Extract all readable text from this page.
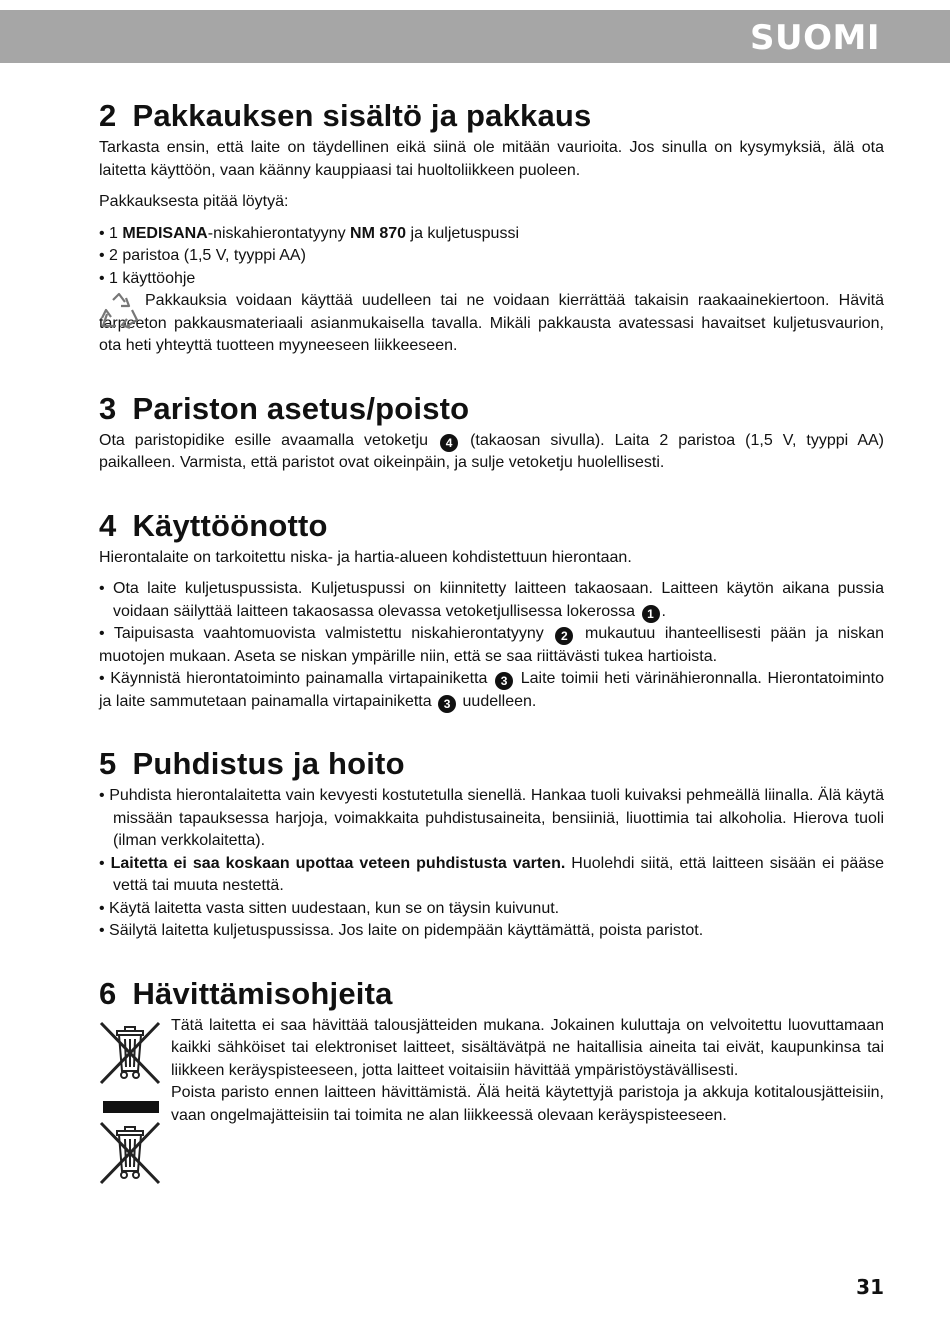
SUOMI
2 Pakkauksen sisältö ja pakkaus

Tarkasta ensin, että laite on täydellinen eikä siinä ole mitään vaurioita. Jos sinulla on kysymyksiä, älä ota laitetta käyttöön, vaan käänny kauppiaasi tai huoltoliikkeen puoleen.

Pakkauksesta pitää löytyä:

• 1 MEDISANA-niskahierontatyyny NM 870 ja kuljetuspussi

• 2 paristoa (1,5 V, tyyppi AA)

• 1 käyttöohje

Pakkauksia voidaan käyttää uudelleen tai ne voidaan kierrättää takaisin raakaainekiertoon. Hävitä tarpeeton pakkausmateriaali asianmukaisella tavalla. Mikäli pakkausta avatessasi havaitset kuljetusvaurion, ota heti yhteyttä tuotteen myyneeseen liikkeeseen.

3 Pariston asetus/poisto

Ota paristopidike esille avaamalla vetoketju 4 (takaosan sivulla). Laita 2 paristoa (1,5 V, tyyppi AA) paikalleen. Varmista, että paristot ovat oikeinpäin, ja sulje vetoketju huolellisesti.

4 Käyttöönotto

Hierontalaite on tarkoitettu niska- ja hartia-alueen kohdistettuun hierontaan.

• Ota laite kuljetuspussista. Kuljetuspussi on kiinnitetty laitteen takaosaan. Laitteen käytön aikana pussia voidaan säilyttää laitteen takaosassa olevassa vetoketjullisessa lokerossa 1 .

• Taipuisasta vaahtomuovista valmistettu niskahierontatyyny 2 mukautuu ihanteellisesti pään ja niskan muotojen mukaan. Aseta se niskan ympärille niin, että se saa riittävästi tukea hartioista.

• Käynnistä hierontatoiminto painamalla virtapainiketta 3 Laite toimii heti värinähieronnalla. Hierontatoiminto ja laite sammutetaan painamalla virtapainiketta 3 uudelleen.

5 Puhdistus ja hoito

• Puhdista hierontalaitetta vain kevyesti kostutetulla sienellä. Hankaa tuoli kuivaksi pehmeällä liinalla. Älä käytä missään tapauksessa harjoja, voimakkaita puhdistusaineita, bensiiniä, liuottimia tai alkoholia. Hierova tuoli (ilman verkkolaitetta).

• Laitetta ei saa koskaan upottaa veteen puhdistusta varten. Huolehdi siitä, että laitteen sisään ei pääse vettä tai muuta nestettä.

• Käytä laitetta vasta sitten uudestaan, kun se on täysin kuivunut.

• Säilytä laitetta kuljetuspussissa. Jos laite on pidempään käyttämättä, poista paristot.

6 Hävittämisohjeita

Tätä laitetta ei saa hävittää talousjätteiden mukana. Jokainen kuluttaja on velvoitettu luovuttamaan kaikki sähköiset tai elektroniset laitteet, sisältävätpä ne haitallisia aineita tai eivät, kaupunkinsa tai liikkeen keräyspisteeseen, jotta laitteet voitaisiin hävittää ympäristöystävällisesti.

Poista paristo ennen laitteen hävittämistä. Älä heitä käytettyjä paristoja ja akkuja kotitalousjätteisiin, vaan ongelmajätteisiin tai toimita ne alan liikkeessä olevaan keräyspisteeseen.

31
